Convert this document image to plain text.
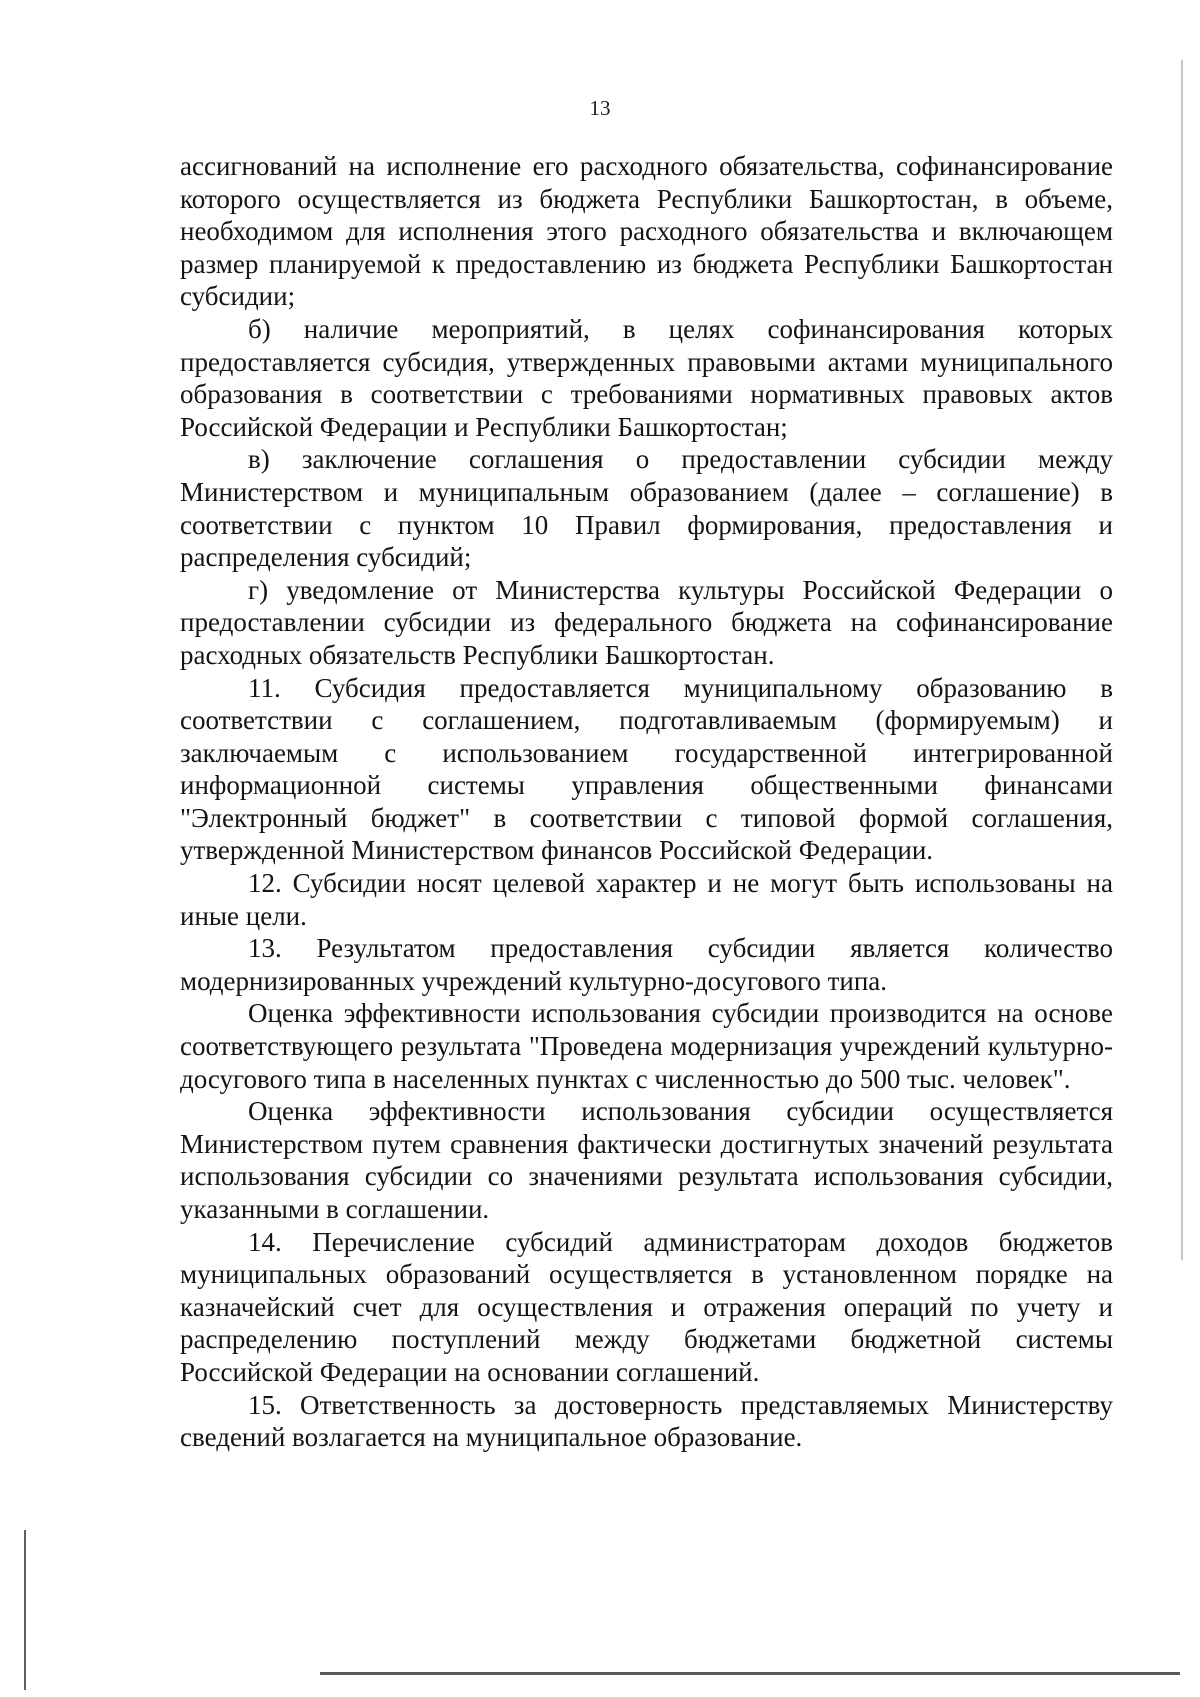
13

ассигнований на исполнение его расходного обязательства, софинансирование которого осуществляется из бюджета Республики Башкортостан, в объеме, необходимом для исполнения этого расходного обязательства и включающем размер планируемой к предоставлению из бюджета Республики Башкортостан субсидии;

б) наличие мероприятий, в целях софинансирования которых предоставляется субсидия, утвержденных правовыми актами муниципального образования в соответствии с требованиями нормативных правовых актов Российской Федерации и Республики Башкортостан;

в) заключение соглашения о предоставлении субсидии между Министерством и муниципальным образованием (далее – соглашение) в соответствии с пунктом 10 Правил формирования, предоставления и распределения субсидий;

г) уведомление от Министерства культуры Российской Федерации о предоставлении субсидии из федерального бюджета на софинансирование расходных обязательств Республики Башкортостан.

11. Субсидия предоставляется муниципальному образованию в соответствии с соглашением, подготавливаемым (формируемым) и заключаемым с использованием государственной интегрированной информационной системы управления общественными финансами "Электронный бюджет" в соответствии с типовой формой соглашения, утвержденной Министерством финансов Российской Федерации.

12. Субсидии носят целевой характер и не могут быть использованы на иные цели.

13. Результатом предоставления субсидии является количество модернизированных учреждений культурно-досугового типа.

Оценка эффективности использования субсидии производится на основе соответствующего результата "Проведена модернизация учреждений культурно-досугового типа в населенных пунктах с численностью до 500 тыс. человек".

Оценка эффективности использования субсидии осуществляется Министерством путем сравнения фактически достигнутых значений результата использования субсидии со значениями результата использования субсидии, указанными в соглашении.

14. Перечисление субсидий администраторам доходов бюджетов муниципальных образований осуществляется в установленном порядке на казначейский счет для осуществления и отражения операций по учету и распределению поступлений между бюджетами бюджетной системы Российской Федерации на основании соглашений.

15. Ответственность за достоверность представляемых Министерству сведений возлагается на муниципальное образование.
